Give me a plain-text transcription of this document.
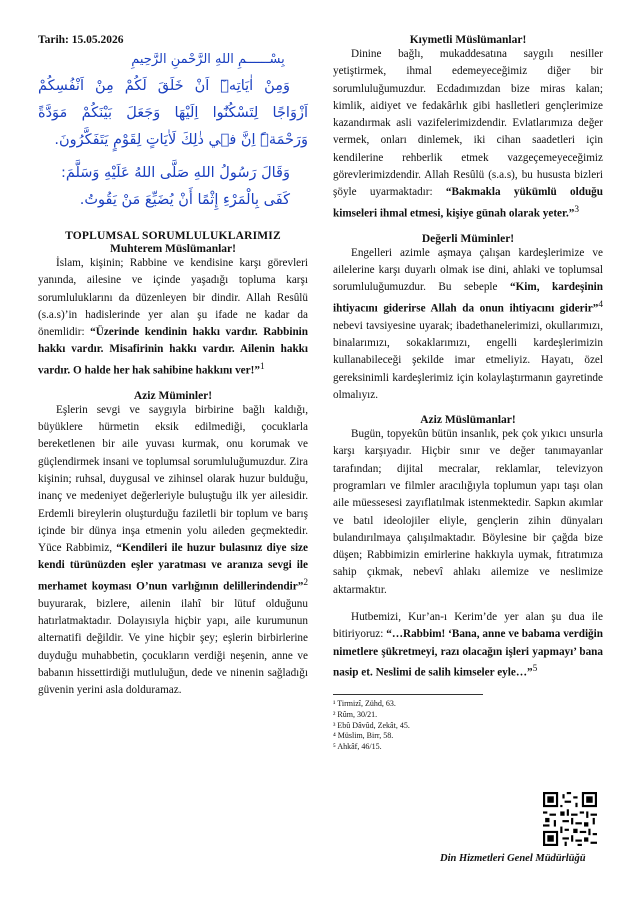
Tarih: 15.05.2026
بِسْــــــمِ اللهِ الرَّحْمنِ الرَّحِيمِ

وَمِنْ اٰيَاتِه۪ٓ اَنْ خَلَقَ لَكُمْ مِنْ اَنْفُسِكُمْ اَزْوَاجًا لِتَسْكُنُٓوا اِلَيْهَا وَجَعَلَ بَيْنَكُمْ مَوَدَّةً وَرَحْمَةًۜ اِنَّ ف۪ي ذٰلِكَ لَاٰيَاتٍ لِقَوْمٍ يَتَفَكَّرُونَ.

وَقَالَ رَسُولُ اللهِ صَلَّى اللهُ عَلَيْهِ وَسَلَّمَ:

كَفَى بِالْمَرْءِ إِثْمًا أَنْ يُضَيِّعَ مَنْ يَقُوتُ.

TOPLUMSAL SORUMLULUKLARIMIZ
Muhterem Müslümanlar!

İslam, kişinin; Rabbine ve kendisine karşı görevleri yanında, ailesine ve içinde yaşadığı topluma karşı sorumluluklarını da düzenleyen bir dindir. Allah Resûlü (s.a.s)’in hadislerinde yer alan şu ifade ne kadar da önemlidir: “Üzerinde kendinin hakkı vardır. Rabbinin hakkı vardır. Misafirinin hakkı vardır. Ailenin hakkı vardır. O halde her hak sahibine hakkını ver!”$^1$

Aziz Müminler!

Eşlerin sevgi ve saygıyla birbirine bağlı kaldığı, büyüklere hürmetin eksik edilmediği, çocuklarla bereketlenen bir aile yuvası kurmak, onu korumak ve güçlendirmek insani ve toplumsal sorumluluğumuzdur. Zira kişinin; ruhsal, duygusal ve zihinsel olarak huzur bulduğu, inanç ve medeniyet değerleriyle buluştuğu ilk yer ailesidir. Erdemli bireylerin oluşturduğu faziletli bir toplum ve barış içinde bir dünya inşa etmenin yolu aileden geçmektedir. Yüce Rabbimiz, “Kendileri ile huzur bulasınız diye size kendi türünüzden eşler yaratması ve aranıza sevgi ile merhamet koyması O’nun varlığının delillerindendir”$^2$ buyurarak, bizlere, ailenin ilahî bir lütuf olduğunu hatırlatmaktadır. Dolayısıyla hiçbir yapı, aile kurumunun alternatifi değildir. Ve yine hiçbir şey; eşlerin birbirlerine duyduğu muhabbetin, çocukların verdiği neşenin, anne ve babanın hissettirdiği mutluluğun, dede ve ninenin sağladığı güvenin yerini asla dolduramaz.

Kıymetli Müslümanlar!

Dinine bağlı, mukaddesatına saygılı nesiller yetiştirmek, ihmal edemeyeceğimiz diğer bir sorumluluğumuzdur. Ecdadımızdan bize miras kalan; kimlik, aidiyet ve fedakârlık gibi haslletleri gençlerimize kazandırmak asli vazifelerimizdendir. Evlatlarımıza değer vermek, onları dinlemek, iki cihan saadetleri için kendilerine rehberlik etmek vazgeçemeyeceğimiz görevlerimizdendir. Allah Resûlü (s.a.s), bu hususta bizleri şöyle uyarmaktadır: “Bakmakla yükümlü olduğu kimseleri ihmal etmesi, kişiye günah olarak yeter.”$^3$

Değerli Müminler!

Engelleri azimle aşmaya çalışan kardeşlerimize ve ailelerine karşı duyarlı olmak ise dini, ahlaki ve toplumsal sorumluluğumuzdur. Bu sebeple “Kim, kardeşinin ihtiyacını giderirse Allah da onun ihtiyacını giderir”$^4$ nebevi tavsiyesine uyarak; ibadethanelerimizi, okullarımızı, binalarımızı, sokaklarımızı, engelli kardeşlerimizin kullanabileceği şekilde imar etmeliyiz. Hayatı, özel gereksinimli kardeşlerimiz için kolaylaştırmanın gayretinde olmalıyız.

Aziz Müslümanlar!

Bugün, topyekûn bütün insanlık, pek çok yıkıcı unsurla karşı karşıyadır. Hiçbir sınır ve değer tanımayanlar tarafından; dijital mecralar, reklamlar, televizyon programları ve filmler aracılığıyla toplumun yapı taşı olan aile müessesesi zayıflatılmak istenmektedir. Sapkın akımlar ve batıl ideolojiler eliyle, gençlerin zihin dünyaları bulandırılmaya çalışılmaktadır. Böylesine bir çağda bize düşen; Rabbimizin emirlerine hakkıyla uymak, fıtratımıza sahip çıkmak, nebevî ahlakı ailemize ve neslimize aktarmaktır.

Hutbemizi, Kur’an-ı Kerim’de yer alan şu dua ile bitiriyoruz: “…Rabbim! ‘Bana, anne ve babama verdiğin nimetlere şükretmeyi, razı olacağın işleri yapmayı’ bana nasip et. Neslimi de salih kimseler eyle…”$^5$

¹ Tirmizî, Zühd, 63.
² Rûm, 30/21.
³ Ebû Dâvûd, Zekât, 45.
⁴ Müslim, Birr, 58.
⁵ Ahkâf, 46/15.
Din Hizmetleri Genel Müdürlüğü
